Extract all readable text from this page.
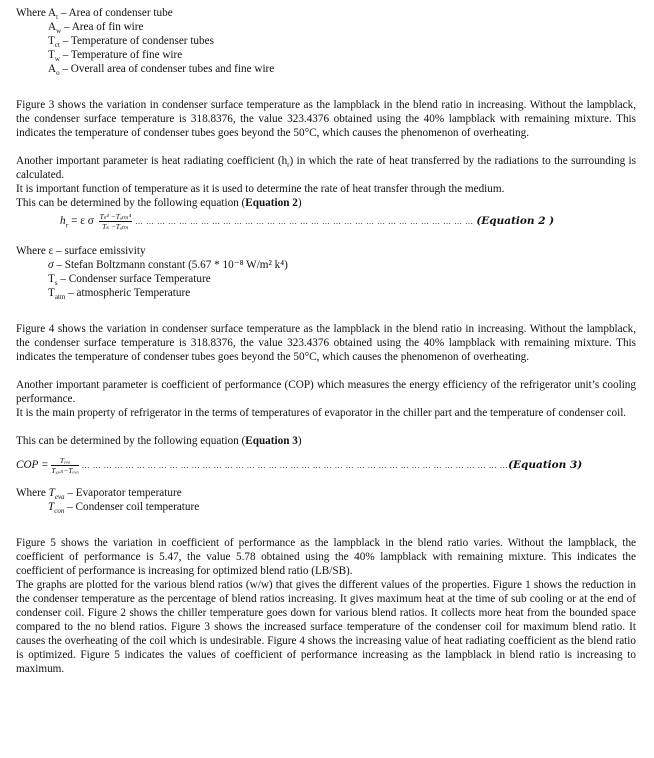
Where $A_t$ – Area of condenser tube
$A_w$ – Area of fin wire
$T_{ct}$ – Temperature of condenser tubes
$T_w$ – Temperature of fine wire
$A_o$ – Overall area of condenser tubes and fine wire
Figure 3 shows the variation in condenser surface temperature as the lampblack in the blend ratio in increasing. Without the lampblack, the condenser surface temperature is 318.8376, the value 323.4376 obtained using the 40% lampblack with remaining mixture. This indicates the temperature of condenser tubes goes beyond the 50°C, which causes the phenomenon of overheating.
Another important parameter is heat radiating coefficient $(h_r)$ in which the rate of heat transferred by the radiations to the surrounding is calculated.
It is important function of temperature as it is used to determine the rate of heat transfer through the medium.
This can be determined by the following equation (Equation 2)
$h_r = \varepsilon$ σ $\frac{\text{Tₛ⁴ −Tₐₜₘ⁴}}{\text{Tₛ −Tₐₜₘ}}$ … … … … … … … … … … … … … … … … … … … … … … … … … … … … … … … (Equation 2 )
Where ε – surface emissivity
σ – Stefan Boltzmann constant (5.67 * 10⁻⁸ W/m² k⁴)
$T_s$ – Condenser surface Temperature
$T_{atm}$ – atmospheric Temperature
Figure 4 shows the variation in condenser surface temperature as the lampblack in the blend ratio in increasing. Without the lampblack, the condenser surface temperature is 318.8376, the value 323.4376 obtained using the 40% lampblack with remaining mixture. This indicates the temperature of condenser tubes goes beyond the 50°C, which causes the phenomenon of overheating.
Another important parameter is coefficient of performance (COP) which measures the energy efficiency of the refrigerator unit’s cooling performance.
It is the main property of refrigerator in the terms of temperatures of evaporator in the chiller part and the temperature of condenser coil.
This can be determined by the following equation (Equation 3)
COP = $\frac{\text{Tₑᵥₐ}}{\text{T꜀ₒₙ−Tₑᵥₐ}}$ … … … … … … … … … … … … … … … … … … … … … … … … … … … … … … … … … … … … … … …(Equation 3)
Where $T_{eva}$ – Evaporator temperature
$T_{con}$ – Condenser coil temperature
Figure 5 shows the variation in coefficient of performance as the lampblack in the blend ratio varies. Without the lampblack, the coefficient of performance is 5.47, the value 5.78 obtained using the 40% lampblack with remaining mixture. This indicates the coefficient of performance is increasing for optimized blend ratio (LB/SB).
The graphs are plotted for the various blend ratios (w/w) that gives the different values of the properties. Figure 1 shows the reduction in the condenser temperature as the percentage of blend ratios increasing. It gives maximum heat at the time of sub cooling or at the end of condenser coil. Figure 2 shows the chiller temperature goes down for various blend ratios. It collects more heat from the bounded space compared to the no blend ratios. Figure 3 shows the increased surface temperature of the condenser coil for maximum blend ratio. It causes the overheating of the coil which is undesirable. Figure 4 shows the increasing value of heat radiating coefficient as the blend ratio is optimized. Figure 5 indicates the values of coefficient of performance increasing as the lampblack in blend ratio is increasing to maximum.
